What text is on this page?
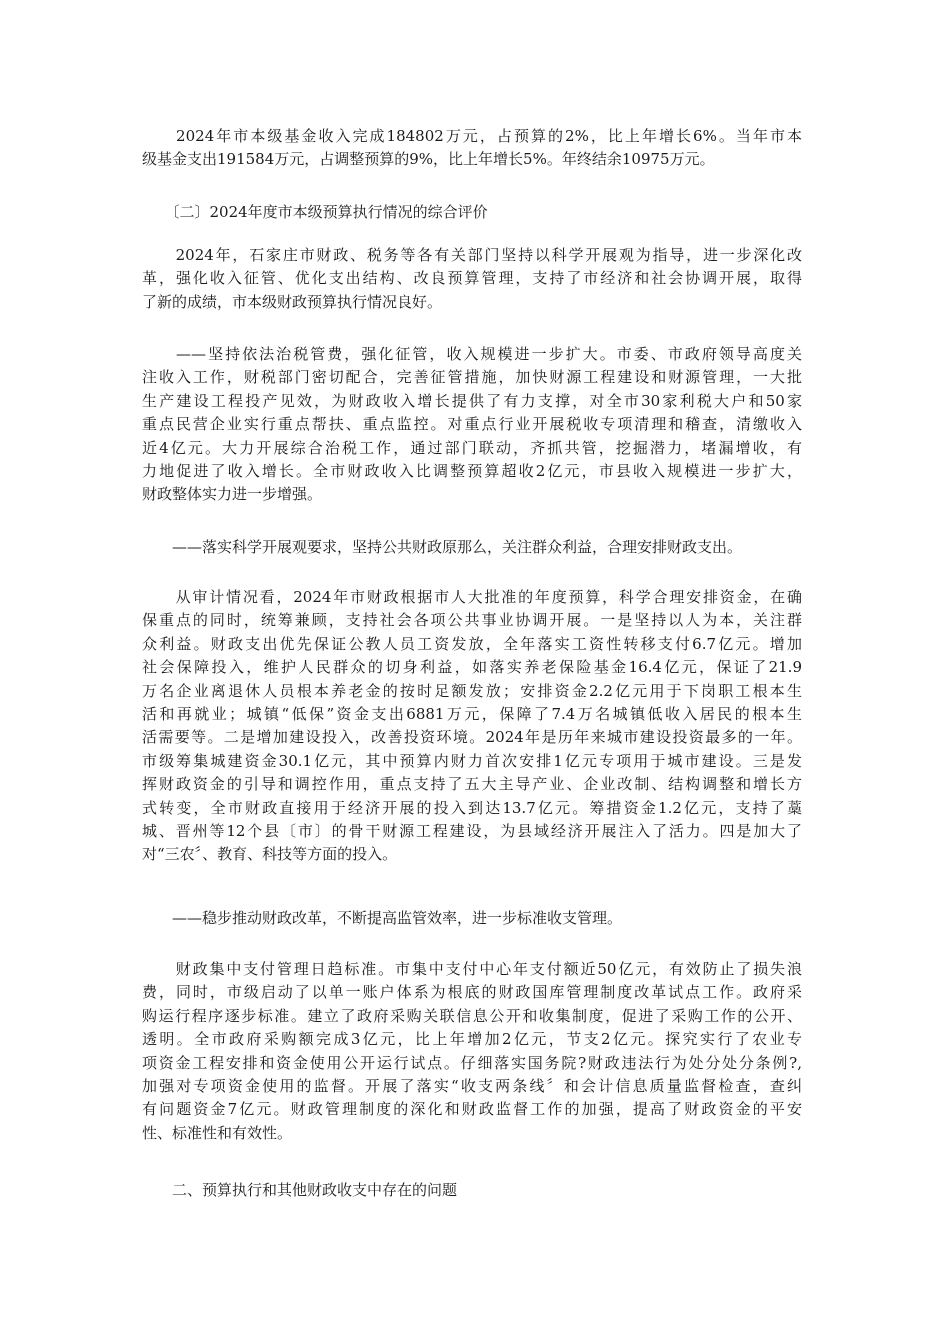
　　2024年市本级基金收入完成184802万元，占预算的2%，比上年增长6%。当年市本
级基金支出191584万元，占调整预算的9%，比上年增长5%。年终结余10975万元。
　　〔二〕2024年度市本级预算执行情况的综合评价
　　2024年，石家庄市财政、税务等各有关部门坚持以科学开展观为指导，进一步深化改
革，强化收入征管、优化支出结构、改良预算管理，支持了市经济和社会协调开展，取得
了新的成绩，市本级财政预算执行情况良好。
　　——坚持依法治税管费，强化征管，收入规模进一步扩大。市委、市政府领导高度关
注收入工作，财税部门密切配合，完善征管措施，加快财源工程建设和财源管理，一大批
生产建设工程投产见效，为财政收入增长提供了有力支撑，对全市30家利税大户和50家
重点民营企业实行重点帮扶、重点监控。对重点行业开展税收专项清理和稽查，清缴收入
近4亿元。大力开展综合治税工作，通过部门联动，齐抓共管，挖掘潜力，堵漏增收，有
力地促进了收入增长。全市财政收入比调整预算超收2亿元，市县收入规模进一步扩大，
财政整体实力进一步增强。
　　——落实科学开展观要求，坚持公共财政原那么，关注群众利益，合理安排财政支出。
　　从审计情况看，2024年市财政根据市人大批准的年度预算，科学合理安排资金，在确
保重点的同时，统筹兼顾，支持社会各项公共事业协调开展。一是坚持以人为本，关注群
众利益。财政支出优先保证公教人员工资发放，全年落实工资性转移支付6.7亿元。增加
社会保障投入，维护人民群众的切身利益，如落实养老保险基金16.4亿元，保证了21.9
万名企业离退休人员根本养老金的按时足额发放；安排资金2.2亿元用于下岗职工根本生
活和再就业；城镇“低保”资金支出6881万元，保障了7.4万名城镇低收入居民的根本生
活需要等。二是增加建设投入，改善投资环境。2024年是历年来城市建设投资最多的一年。
市级筹集城建资金30.1亿元，其中预算内财力首次安排1亿元专项用于城市建设。三是发
挥财政资金的引导和调控作用，重点支持了五大主导产业、企业改制、结构调整和增长方
式转变，全市财政直接用于经济开展的投入到达13.7亿元。筹措资金1.2亿元，支持了藁
城、晋州等12个县〔市〕的骨干财源工程建设，为县域经济开展注入了活力。四是加大了
对“三农〞、教育、科技等方面的投入。
　　——稳步推动财政改革，不断提高监管效率，进一步标准收支管理。
　　财政集中支付管理日趋标准。市集中支付中心年支付额近50亿元，有效防止了损失浪
费，同时，市级启动了以单一账户体系为根底的财政国库管理制度改革试点工作。政府采
购运行程序逐步标准。建立了政府采购关联信息公开和收集制度，促进了采购工作的公开、
透明。全市政府采购额完成3亿元，比上年增加2亿元，节支2亿元。探究实行了农业专
项资金工程安排和资金使用公开运行试点。仔细落实国务院?财政违法行为处分处分条例?,
加强对专项资金使用的监督。开展了落实“收支两条线〞和会计信息质量监督检查，查纠
有问题资金7亿元。财政管理制度的深化和财政监督工作的加强，提高了财政资金的平安
性、标准性和有效性。
　　二、预算执行和其他财政收支中存在的问题
